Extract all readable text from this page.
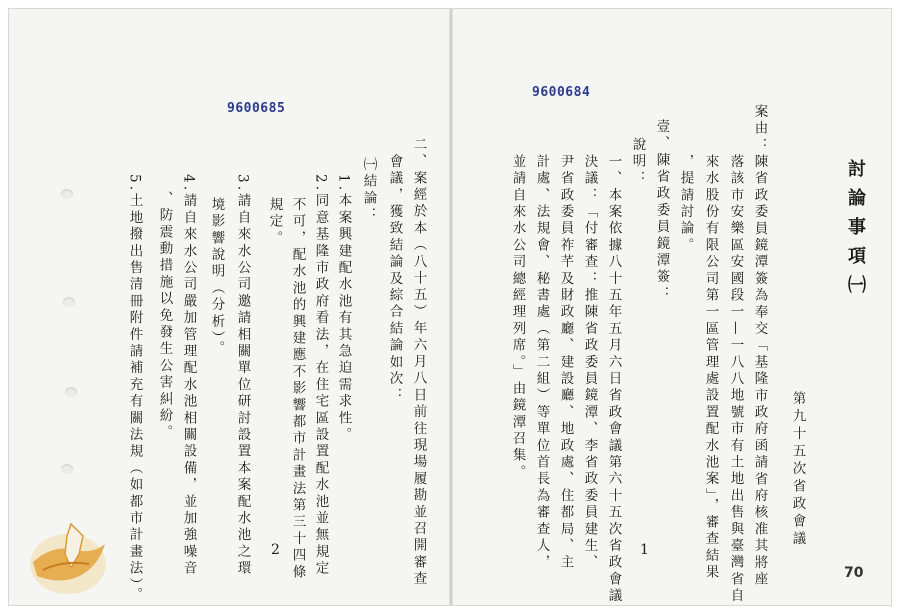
9600685
二、案經於本（八十五）年六月八日前往現場履勘並召開審查
會議，獲致結論及綜合結論如次：
㈠結論：
1.本案興建配水池有其急迫需求性。
2.同意基隆市政府看法，在住宅區設置配水池並無規定
不可，配水池的興建應不影響都市計畫法第三十四條
規定。
3.請自來水公司邀請相關單位研討設置本案配水池之環
境影響說明（分析）。
4.請自來水公司嚴加管理配水池相關設備，並加強噪音
、防震動措施以免發生公害糾紛。
5.土地撥出售清冊附件請補充有關法規（如都市計畫法）。	2
9600684
討論事項㈠
第九十五次省政會議
案由：陳省政委員鏡潭簽為奉交「基隆市政府函請省府核准其將座
落該市安樂區安國段一—一八八地號市有土地出售與臺灣省自
來水股份有限公司第一區管理處設置配水池案」，審查結果
，提請討論。
壹、陳省政委員鏡潭簽：
說明：
一、本案依據八十五年五月六日省政會議第六十五次省政會議
決議：「付審查：推陳省政委員鏡潭、李省政委員建生、
尹省政委員祚芊及財政廳、建設廳、地政處、住都局、主
計處、法規會、秘書處（第二組）等單位首長為審查人，
並請自來水公司總經理列席。」由鏡潭召集。
1
70
